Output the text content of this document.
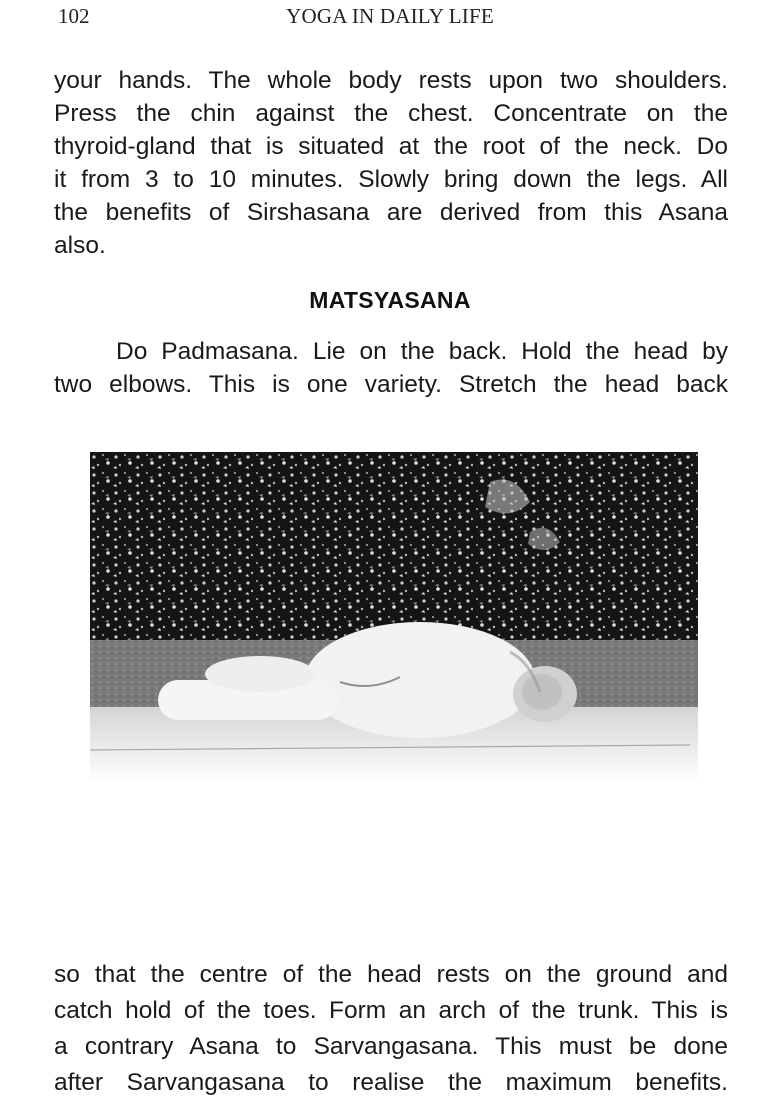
102	YOGA IN DAILY LIFE
your hands. The whole body rests upon two shoulders.
Press the chin against the chest. Concentrate on the
thyroid-gland that is situated at the root of the neck. Do
it from 3 to 10 minutes. Slowly bring down the legs. All
the benefits of Sirshasana are derived from this Asana
also.
MATSYASANA
Do Padmasana. Lie on the back. Hold the head by
two elbows. This is one variety. Stretch the head back
so that the centre of the head rests on the ground and
catch hold of the toes. Form an arch of the trunk. This is
a contrary Asana to Sarvangasana. This must be done
after Sarvangasana to realise the maximum benefits.
